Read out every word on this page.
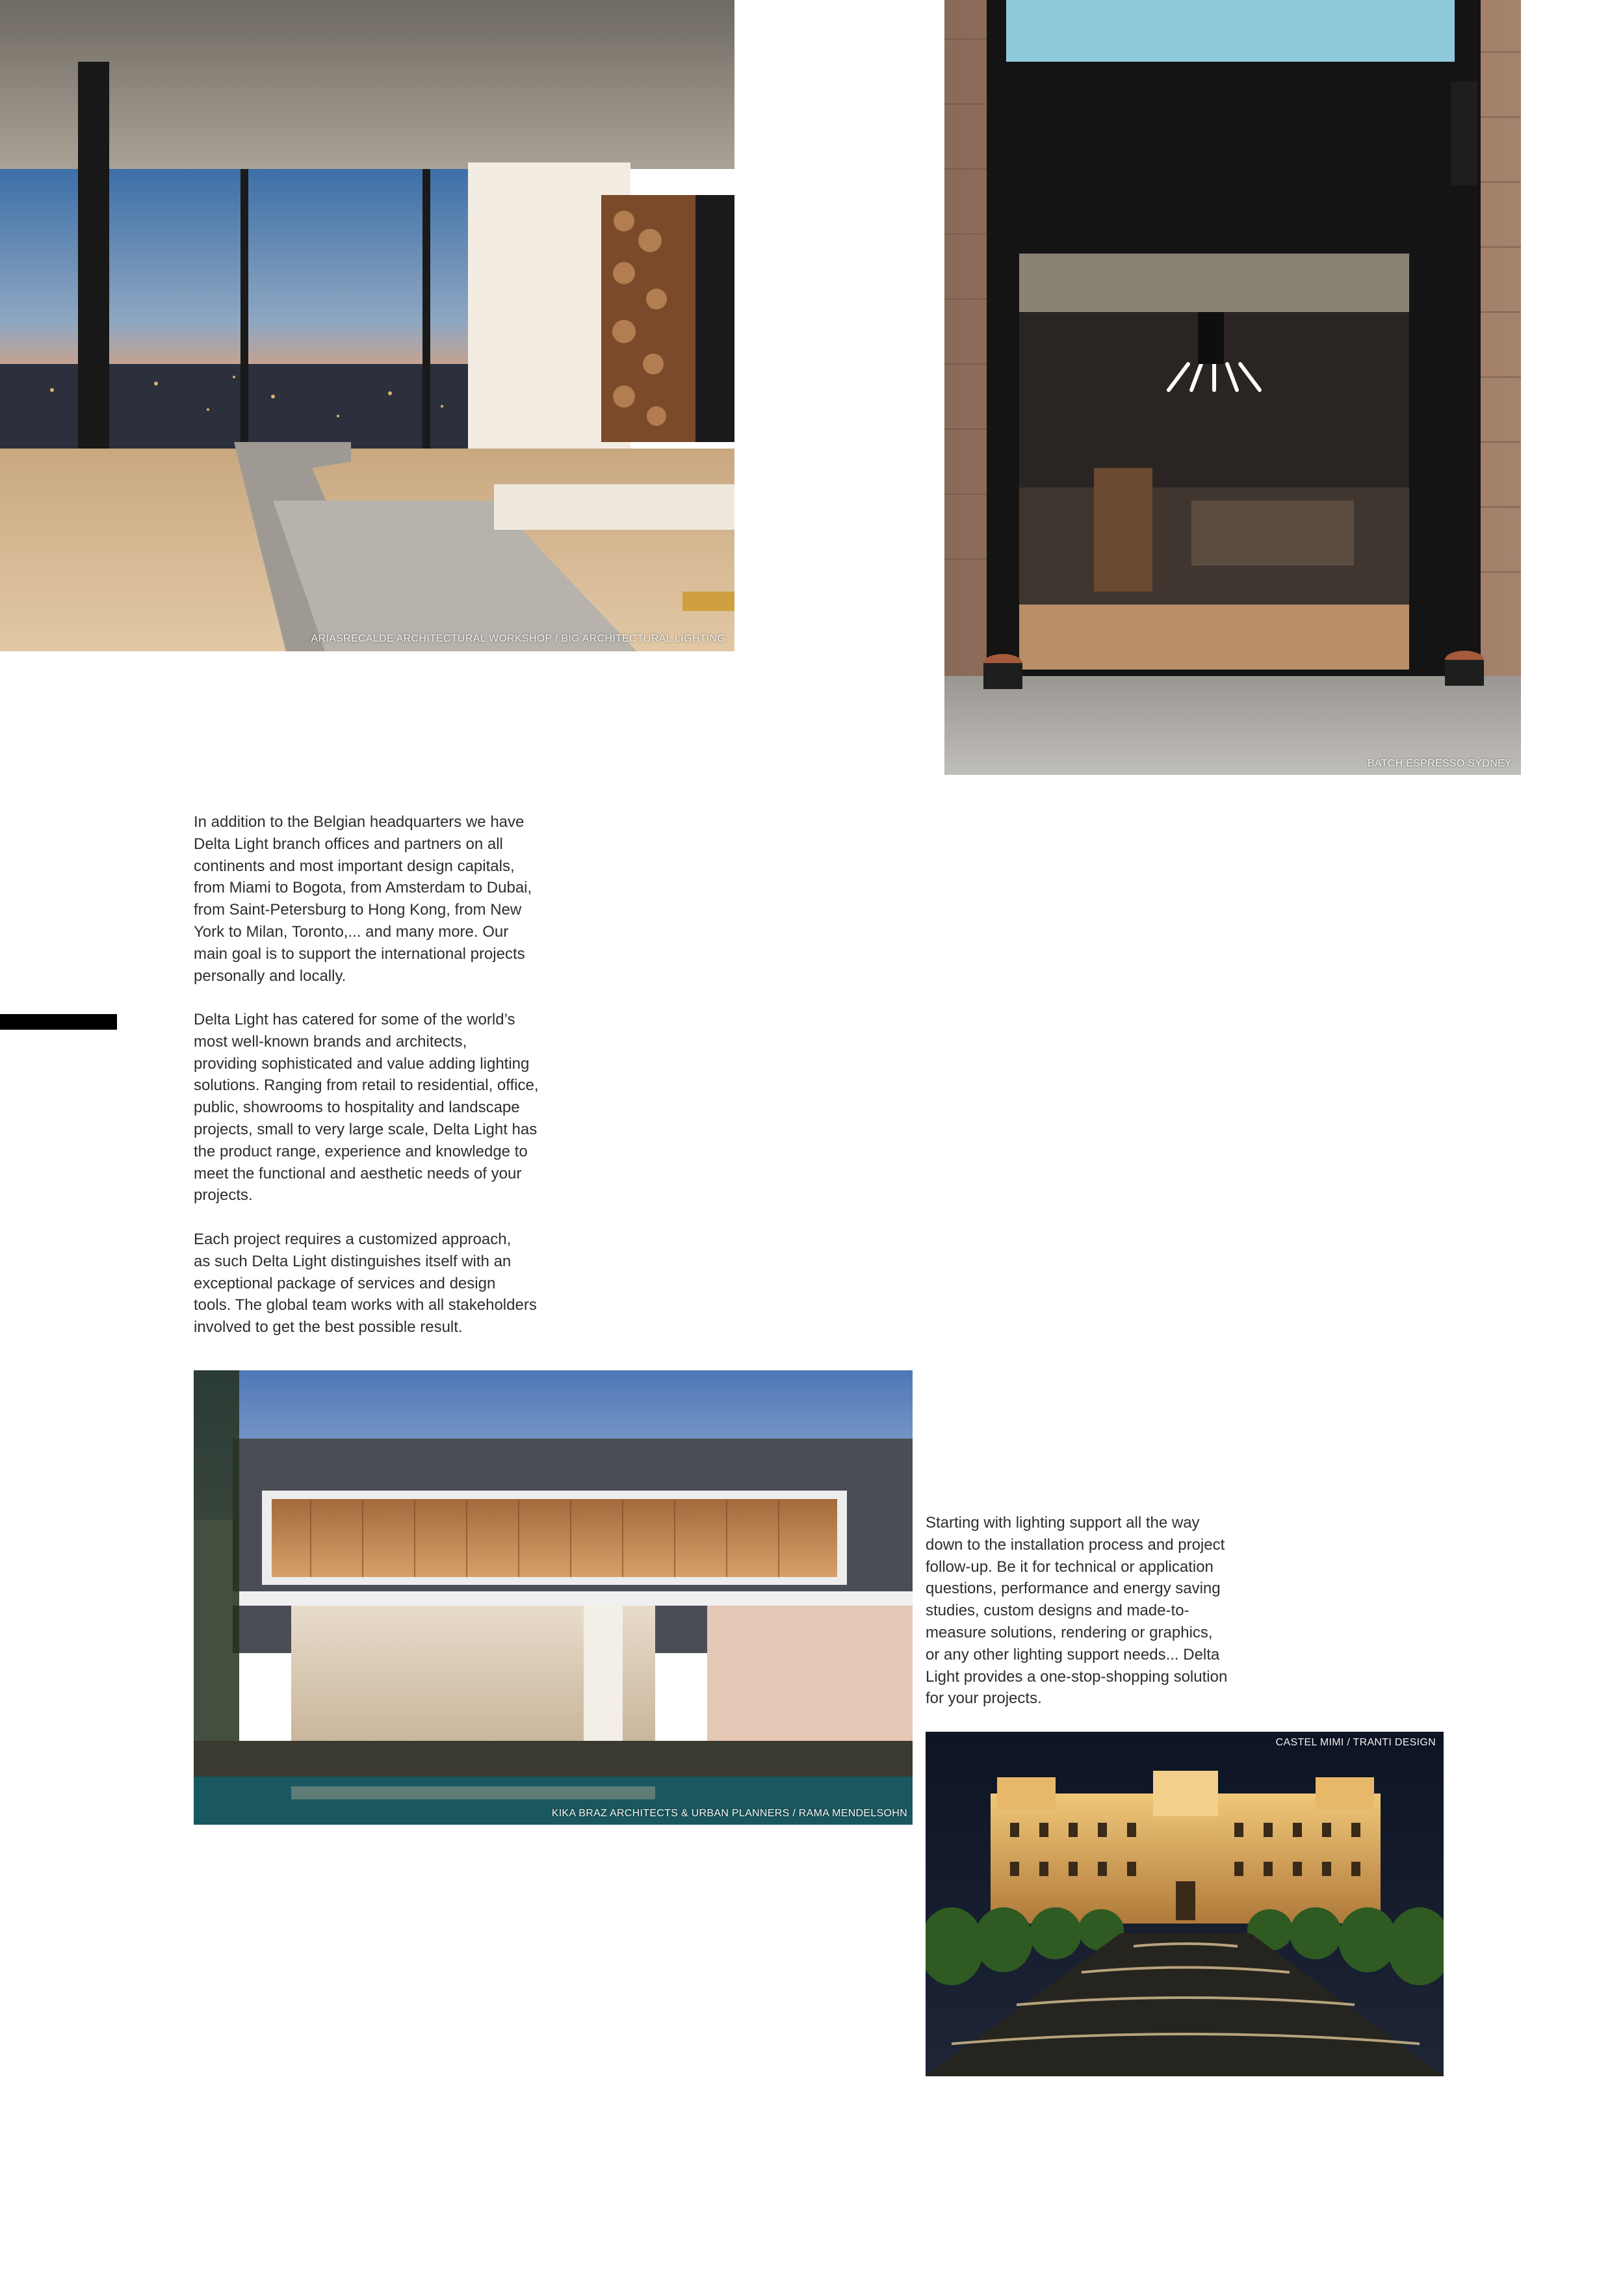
ARIASRECALDE ARCHITECTURAL WORKSHOP / BIG ARCHITECTURAL LIGHTING
BATCH ESPRESSO SYDNEY

In addition to the Belgian headquarters we have
Delta Light branch offices and partners on all
continents and most important design capitals,
from Miami to Bogota, from Amsterdam to Dubai,
from Saint-Petersburg to Hong Kong, from New
York to Milan, Toronto,... and many more. Our
main goal is to support the international projects
personally and locally.

Delta Light has catered for some of the world’s
most well-known brands and architects,
providing sophisticated and value adding lighting
solutions. Ranging from retail to residential, office,
public, showrooms to hospitality and landscape
projects, small to very large scale, Delta Light has
the product range, experience and knowledge to
meet the functional and aesthetic needs of your
projects.

Each project requires a customized approach,
as such Delta Light distinguishes itself with an
exceptional package of services and design
tools. The global team works with all stakeholders
involved to get the best possible result.

Starting with lighting support all the way
down to the installation process and project
follow-up. Be it for technical or application
questions, performance and energy saving
studies, custom designs and made-to-
measure solutions, rendering or graphics,
or any other lighting support needs... Delta
Light provides a one-stop-shopping solution
for your projects.

KIKA BRAZ ARCHITECTS & URBAN PLANNERS / RAMA MENDELSOHN
CASTEL MIMI / TRANTI DESIGN
